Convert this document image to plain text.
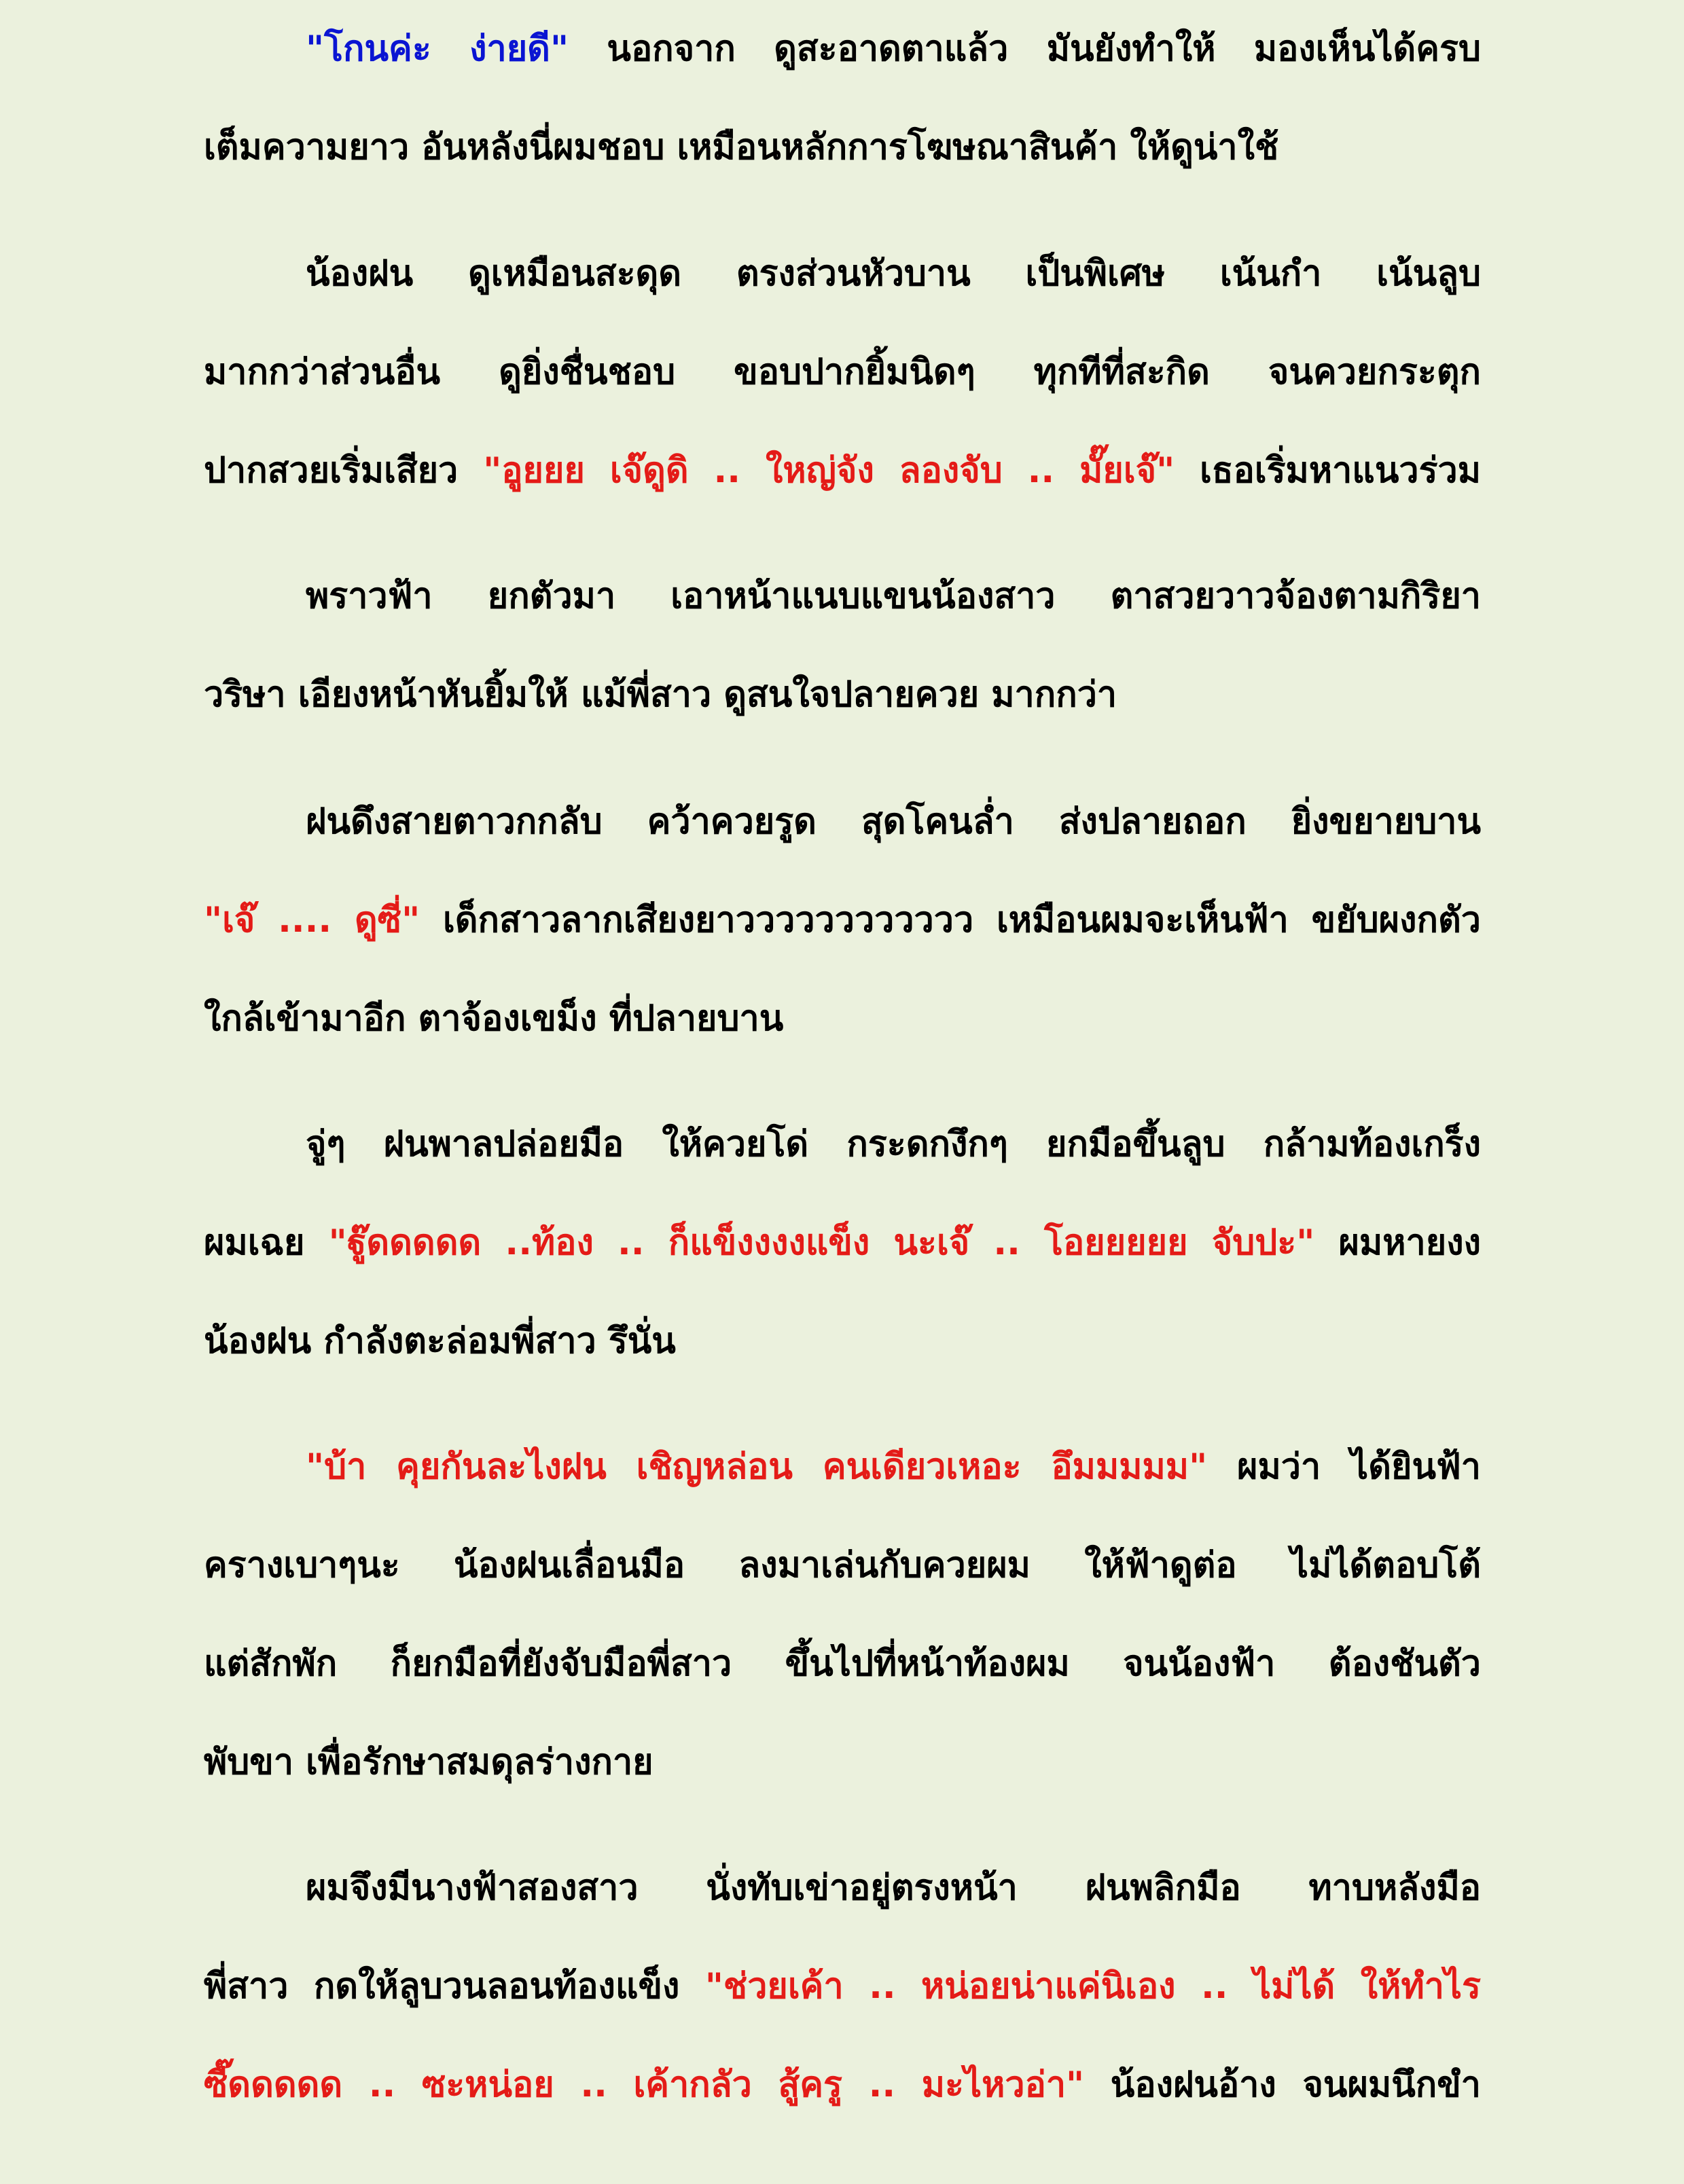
"โกนค่ะ ง่ายดี" นอกจาก ดูสะอาดตาแล้ว มันยังทำให้ มองเห็นได้ครบ
เต็มความยาว อันหลังนี่ผมชอบ เหมือนหลักการโฆษณาสินค้า ให้ดูน่าใช้
น้องฝน ดูเหมือนสะดุด ตรงส่วนหัวบาน เป็นพิเศษ เน้นกำ เน้นลูบ
มากกว่าส่วนอื่น ดูยิ่งชื่นชอบ ขอบปากยิ้มนิดๆ ทุกทีที่สะกิด จนควยกระตุก
ปากสวยเริ่มเสียว "อูยยย เจ๊ดูดิ .. ใหญ่จัง ลองจับ .. มั๊ยเจ๊" เธอเริ่มหาแนวร่วม
พราวฟ้า ยกตัวมา เอาหน้าแนบแขนน้องสาว ตาสวยวาวจ้องตามกิริยา
วริษา เอียงหน้าหันยิ้มให้ แม้พี่สาว ดูสนใจปลายควย มากกว่า
ฝนดึงสายตาวกกลับ คว้าควยรูด สุดโคนล่ำ ส่งปลายถอก ยิ่งขยายบาน
"เจ๊ .... ดูซี่" เด็กสาวลากเสียงยาวววววววววววว เหมือนผมจะเห็นฟ้า ขยับผงกตัว
ใกล้เข้ามาอีก ตาจ้องเขม็ง ที่ปลายบาน
จู่ๆ ฝนพาลปล่อยมือ ให้ควยโด่ กระดกงึกๆ ยกมือขึ้นลูบ กล้ามท้องเกร็ง
ผมเฉย "ฐู๊ดดดดด ..ท้อง .. ก็แข็งงงงแข็ง นะเจ๊ .. โอยยยยย จับปะ" ผมหายงง
น้องฝน กำลังตะล่อมพี่สาว รึนั่น
"บ้า คุยกันละไงฝน เชิญหล่อน คนเดียวเหอะ อึมมมมม" ผมว่า ได้ยินฟ้า
ครางเบาๆนะ น้องฝนเลื่อนมือ ลงมาเล่นกับควยผม ให้ฟ้าดูต่อ ไม่ได้ตอบโต้
แต่สักพัก ก็ยกมือที่ยังจับมือพี่สาว ขึ้นไปที่หน้าท้องผม จนน้องฟ้า ต้องชันตัว
พับขา เพื่อรักษาสมดุลร่างกาย
ผมจึงมีนางฟ้าสองสาว นั่งทับเข่าอยู่ตรงหน้า ฝนพลิกมือ ทาบหลังมือ
พี่สาว กดให้ลูบวนลอนท้องแข็ง "ช่วยเค้า .. หน่อยน่าแค่นิเอง .. ไม่ได้ ให้ทำไร
ซี๊ดดดดด .. ซะหน่อย .. เค้ากลัว สู้ครู .. มะไหวอ่า" น้องฝนอ้าง จนผมนึกขำ
